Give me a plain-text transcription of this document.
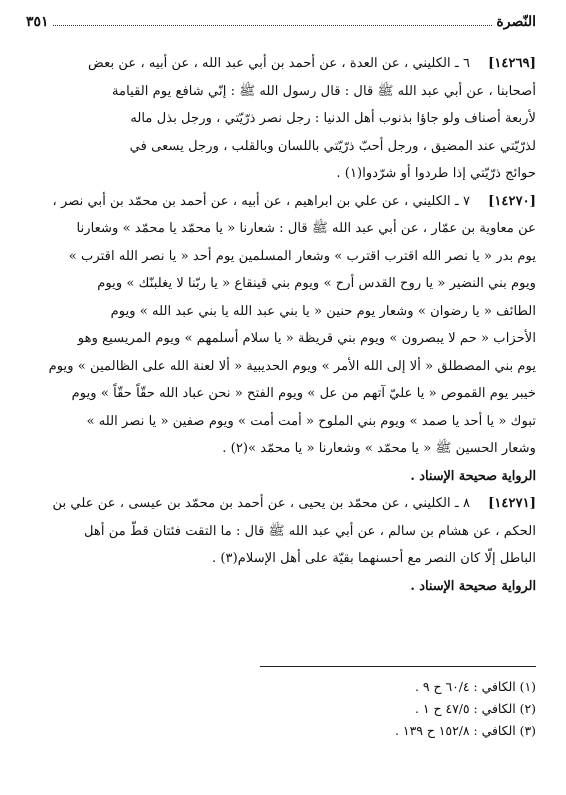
النّصرة
٣٥١

[١٤٢٦٩]
٦ ـ الكليني ، عن العدة ، عن أحمد بن أبي عبد الله ، عن أبيه ، عن بعض

أصحابنا ، عن أبي عبد الله ﷺ قال : قال رسول الله ﷺ : إنّي شافع يوم القيامة

لأربعة أصناف ولو جاؤا بذنوب أهل الدنيا : رجل نصر ذرّيّتي ، ورجل بذل ماله

لذرّيّتي عند المضيق ، ورجل أحبّ ذرّيّتي باللسان وبالقلب ، ورجل يسعى في

حوائج ذرّيّتي إذا طردوا أو شرّدوا(١) .

[١٤٢٧٠]
٧ ـ الكليني ، عن علي بن ابراهيم ، عن أبيه ، عن أحمد بن محمّد بن أبي نصر ،

عن معاوية بن عمّار ، عن أبي عبد الله ﷺ قال : شعارنا « يا محمّد يا محمّد » وشعارنا

يوم بدر « يا نصر الله اقترب اقترب » وشعار المسلمين يوم أحد « يا نصر الله اقترب »

ويوم بني النضير « يا روح القدس أرح » ويوم بني قينقاع « يا ربّنا لا يغلبنّك » ويوم

الطائف « يا رضوان » وشعار يوم حنين « يا بني عبد الله يا بني عبد الله » ويوم

الأحزاب « حم لا يبصرون » ويوم بني قريظة « يا سلام أسلمهم » ويوم المريسيع وهو

يوم بني المصطلق « ألا إلى الله الأمر » ويوم الحديبية « ألا لعنة الله على الظالمين » ويوم

خيبر يوم القموص « يا عليّ آتهم من عل » ويوم الفتح « نحن عباد الله حقّاً حقّاً » ويوم

تبوك « يا أحد يا صمد » ويوم بني الملوح « أمت أمت » ويوم صفين « يا نصر الله »

وشعار الحسين ﷺ « يا محمّد » وشعارنا « يا محمّد »(٢) .

الرواية صحيحة الإسناد .

[١٤٢٧١]
٨ ـ الكليني ، عن محمّد بن يحيى ، عن أحمد بن محمّد بن عيسى ، عن علي بن

الحكم ، عن هشام بن سالم ، عن أبي عبد الله ﷺ قال : ما التقت فئتان قطّ من أهل

الباطل إلّا كان النصر مع أحسنهما بقيّة على أهل الإسلام(٣) .

الرواية صحيحة الإسناد .

(١) الكافي : ٦٠/٤ ح ٩ .
(٢) الكافي : ٤٧/٥ ح ١ .
(٣) الكافي : ١٥٢/٨ ح ١٣٩ .
